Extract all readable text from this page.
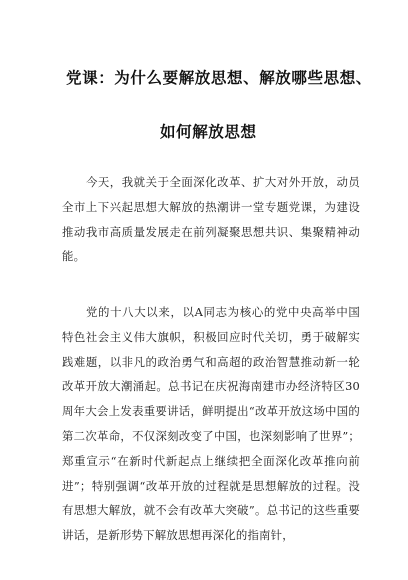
党课：为什么要解放思想、解放哪些思想、
如何解放思想

今天，我就关于全面深化改革、扩大对外开放，动员全市上下兴起思想大解放的热潮讲一堂专题党课，为建设推动我市高质量发展走在前列凝聚思想共识、集聚精神动能。

党的十八大以来，以A同志为核心的党中央高举中国特色社会主义伟大旗帜，积极回应时代关切，勇于破解实践难题，以非凡的政治勇气和高超的政治智慧推动新一轮改革开放大潮涌起。总书记在庆祝海南建市办经济特区30周年大会上发表重要讲话，鲜明提出“改革开放这场中国的第二次革命，不仅深刻改变了中国，也深刻影响了世界”；郑重宣示“在新时代新起点上继续把全面深化改革推向前进”；特别强调“改革开放的过程就是思想解放的过程。没有思想大解放，就不会有改革大突破”。总书记的这些重要讲话，是新形势下解放思想再深化的指南针，
